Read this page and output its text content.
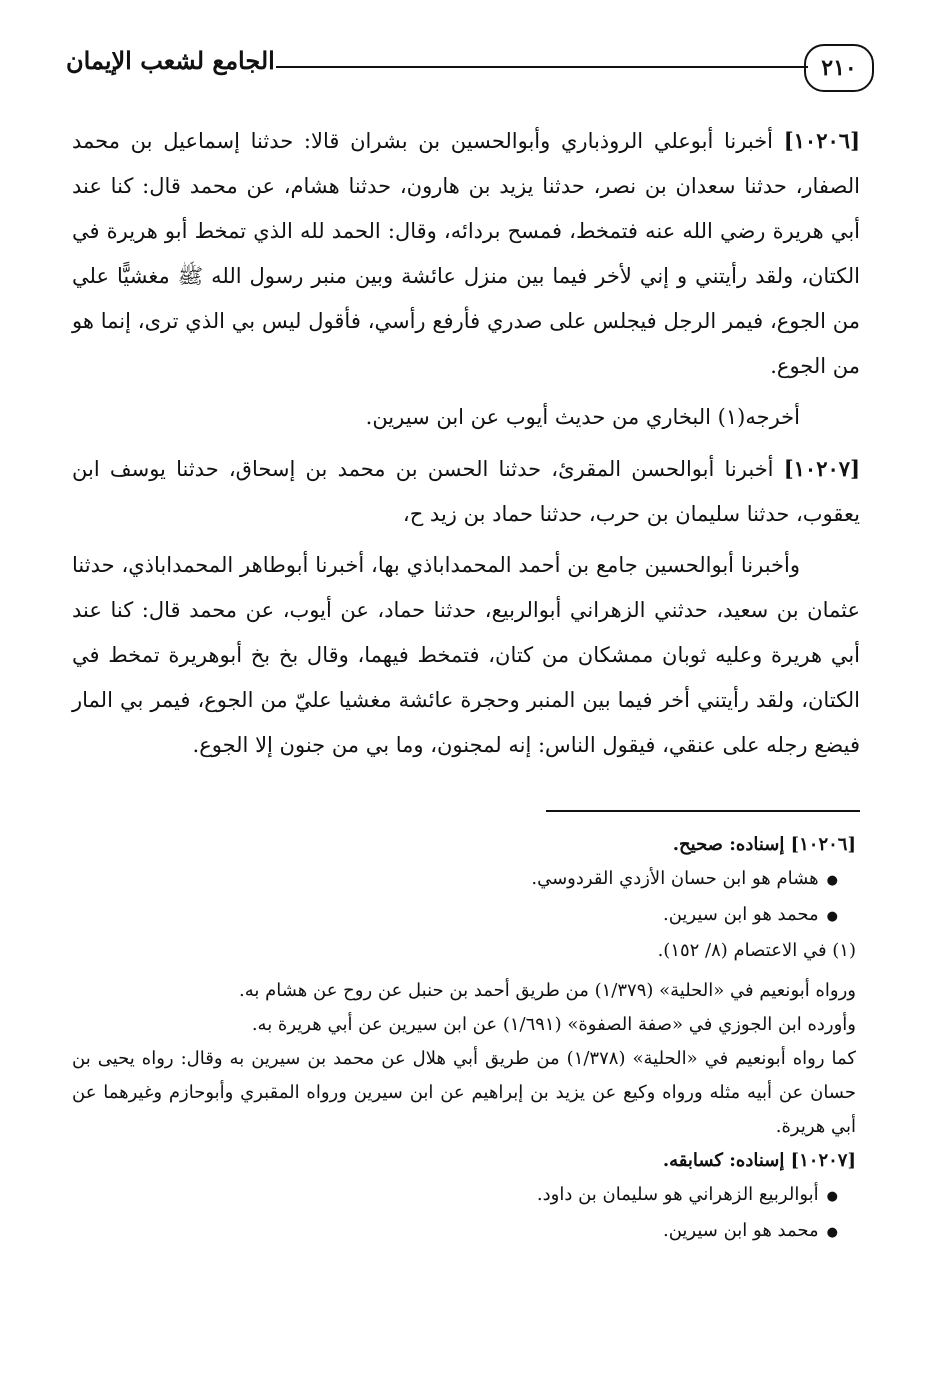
٢١٠
الجامع لشعب الإيمان

[١٠٢٠٦] أخبرنا أبوعلي الروذباري وأبوالحسين بن بشران قالا: حدثنا إسماعيل بن محمد الصفار، حدثنا سعدان بن نصر، حدثنا يزيد بن هارون، حدثنا هشام، عن محمد قال: كنا عند أبي هريرة رضي الله عنه فتمخط، فمسح بردائه، وقال: الحمد لله الذي تمخط أبو هريرة في الكتان، ولقد رأيتني و إني لأخر فيما بين منزل عائشة وبين منبر رسول الله ﷺ مغشيًّا علي من الجوع، فيمر الرجل فيجلس على صدري فأرفع رأسي، فأقول ليس بي الذي ترى، إنما هو من الجوع.

أخرجه(١) البخاري من حديث أيوب عن ابن سيرين.

[١٠٢٠٧] أخبرنا أبوالحسن المقرئ، حدثنا الحسن بن محمد بن إسحاق، حدثنا يوسف ابن يعقوب، حدثنا سليمان بن حرب، حدثنا حماد بن زيد ح،

وأخبرنا أبوالحسين جامع بن أحمد المحمداباذي بها، أخبرنا أبوطاهر المحمداباذي، حدثنا عثمان بن سعيد، حدثني الزهراني أبوالربيع، حدثنا حماد، عن أيوب، عن محمد قال: كنا عند أبي هريرة وعليه ثوبان ممشكان من كتان، فتمخط فيهما، وقال بخ بخ أبوهريرة تمخط في الكتان، ولقد رأيتني أخر فيما بين المنبر وحجرة عائشة مغشيا عليّ من الجوع، فيمر بي المار فيضع رجله على عنقي، فيقول الناس: إنه لمجنون، وما بي من جنون إلا الجوع.

[١٠٢٠٦] إسناده: صحيح.

● هشام هو ابن حسان الأزدي القردوسي.

● محمد هو ابن سيرين.

(١) في الاعتصام (٨/ ١٥٢).

ورواه أبونعيم في «الحلية» (١/٣٧٩) من طريق أحمد بن حنبل عن روح عن هشام به.

وأورده ابن الجوزي في «صفة الصفوة» (١/٦٩١) عن ابن سيرين عن أبي هريرة به.

كما رواه أبونعيم في «الحلية» (١/٣٧٨) من طريق أبي هلال عن محمد بن سيرين به وقال: رواه يحيى بن حسان عن أبيه مثله ورواه وكيع عن يزيد بن إبراهيم عن ابن سيرين ورواه المقبري وأبوحازم وغيرهما عن أبي هريرة.

[١٠٢٠٧] إسناده: كسابقه.

● أبوالربيع الزهراني هو سليمان بن داود.

● محمد هو ابن سيرين.
